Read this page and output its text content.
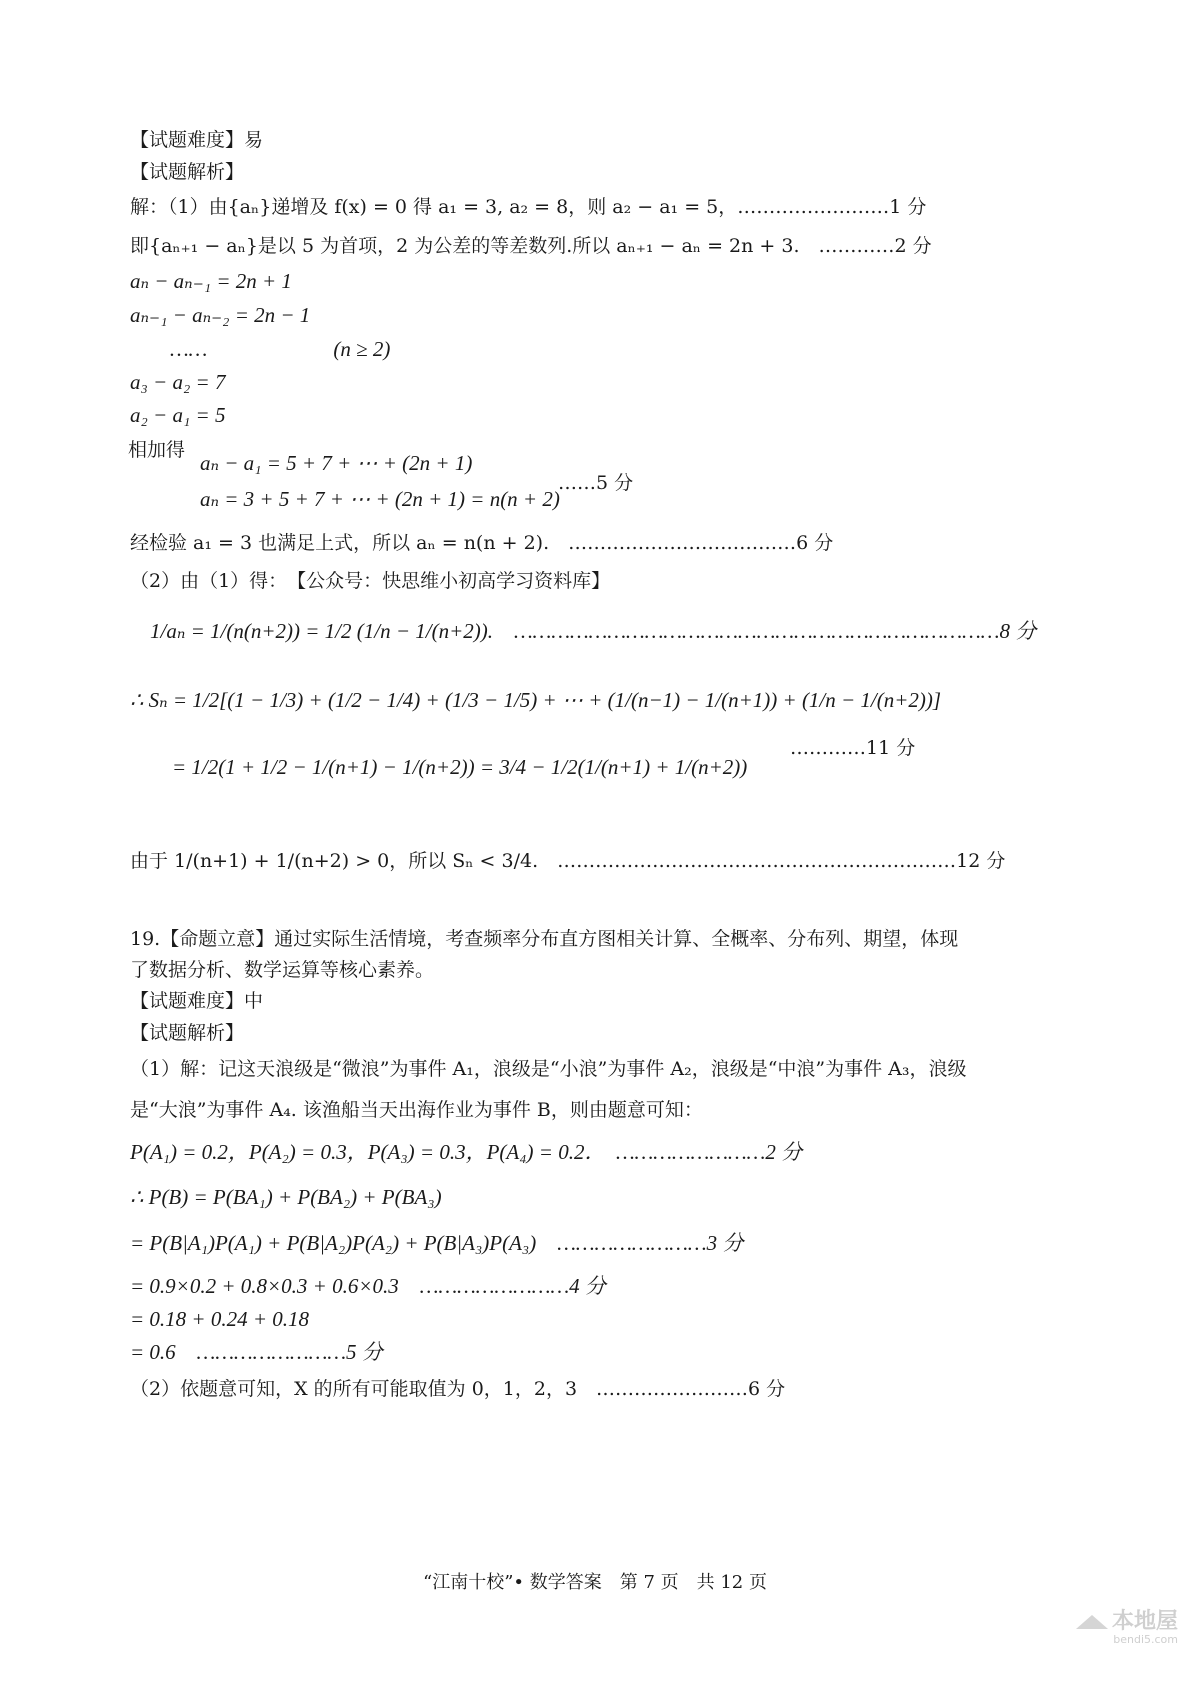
【试题难度】易
【试题解析】
解：（1）由{aₙ}递增及 f(x) = 0 得 a₁ = 3, a₂ = 8，则 a₂ − a₁ = 5，……………………1 分
即{aₙ₊₁ − aₙ}是以 5 为首项，2 为公差的等差数列.所以 aₙ₊₁ − aₙ = 2n + 3.　…………2 分
aₙ − aₙ₋₁ = 2n + 1
aₙ₋₁ − aₙ₋₂ = 2n − 1
……　　　　　　(n ≥ 2)
a₃ − a₂ = 7
a₂ − a₁ = 5
相加得
aₙ − a₁ = 5 + 7 + ⋯ + (2n + 1)
aₙ = 3 + 5 + 7 + ⋯ + (2n + 1) = n(n + 2)
……5 分
经检验 a₁ = 3 也满足上式，所以 aₙ = n(n + 2).　………………………………6 分
（2）由（1）得：　【公众号：快思维小初高学习资料库】
1/aₙ = 1/(n(n+2)) = 1/2 (1/n − 1/(n+2)).　……………………………………………………………………8 分
∴ Sₙ = 1/2[(1 − 1/3) + (1/2 − 1/4) + (1/3 − 1/5) + ⋯ + (1/(n−1) − 1/(n+1)) + (1/n − 1/(n+2))]
= 1/2(1 + 1/2 − 1/(n+1) − 1/(n+2)) = 3/4 − 1/2(1/(n+1) + 1/(n+2))
…………11 分
由于 1/(n+1) + 1/(n+2) > 0，所以 Sₙ < 3/4.　………………………………………………………12 分
19.【命题立意】通过实际生活情境，考查频率分布直方图相关计算、全概率、分布列、期望，体现
了数据分析、数学运算等核心素养。
【试题难度】中
【试题解析】
（1）解：记这天浪级是“微浪”为事件 A₁，浪级是“小浪”为事件 A₂，浪级是“中浪”为事件 A₃，浪级
是“大浪”为事件 A₄. 该渔船当天出海作业为事件 B，则由题意可知：
P(A₁) = 0.2，P(A₂) = 0.3，P(A₃) = 0.3，P(A₄) = 0.2．　……………………2 分
∴ P(B) = P(BA₁) + P(BA₂) + P(BA₃)
= P(B|A₁)P(A₁) + P(B|A₂)P(A₂) + P(B|A₃)P(A₃)　……………………3 分
= 0.9×0.2 + 0.8×0.3 + 0.6×0.3　……………………4 分
= 0.18 + 0.24 + 0.18
= 0.6　……………………5 分
（2）依题意可知，X 的所有可能取值为 0，1，2，3　……………………6 分
“江南十校”• 数学答案　第 7 页　共 12 页
本地屋
bendi5.com
